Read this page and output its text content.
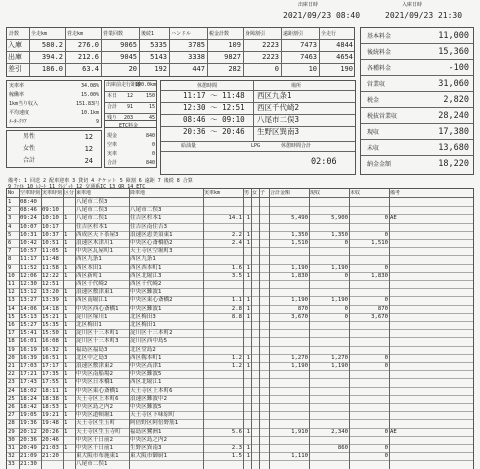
出庫日時	入庫日時
2021/09/23 08:40	2021/09/23 21:30
計数 全走km	営走km	営業回数	後続1	ハンドル	税金計数	身障割引	遠距割引	全走行
入庫	580.2	276.0	9065	5335	3785	109	2223	7473	4844
出庫	394.2	212.6	9045	5143	3338	9827	2223	7463	4654
差引	186.0	63.4	20	192	447	282	0	10	190
基本料金	11,000
後続料金	15,360
各種料金	-100
営業収	31,060
税金	2,820
税抜営業収	28,240
現収	17,380
未収	13,680
納金金額	18,220
実車率	34.08%
稼働率	15.00%
1km当り収入	151.83円
平均速度	10.1km
ﾒｰﾀｰｸﾘｱ	9
出庫前走行距離
190.0km
本日	12	150
合計	91	15
残り	203	45
休憩時間	場所
11:17 ～ 11:48 西区九条1
12:30 ～ 12:51 西区千代崎2
08:46 ～ 09:10 八尾市二俣3
20:36 ～ 20:46 生野区巽南3
給油量	LPG	休憩時間合計
02:06
男性	12
女性	12
合計	24
ETC料金
現金	840
空車	0
実車	0
合計	840
備考: 1 回送 2 配車迎車 3 貸切 4 チケット 5 障割 6 遠距 7 後続 8 合算
9 ﾌｧｲﾙ 10 ﾚｼｰﾄ 11 ｸﾚｼﾞｯﾄ 12 交通系IC 13 QR 14 ETC
No	空車時刻 実車時刻 区分 乗車地	降車地	実車km	男 女 子 合計金額	現収	未収	備考
1	08:40	八尾市二俣3
2	08:46 09:10	八尾市二俣3	八尾市二俣3
3	09:24 10:10 1	八尾市二俣1	住吉区杉本1	14.1 1	5,490	5,900	0 AE
4	10:07 10:17	住吉区杉本1	住吉区南住吉3
5	10:31 10:37 1	西成区天下茶屋3	浪速区恵美須東1	2.2 1	1,350	1,350	0
6	10:42 10:51 1	浪速区木津川1	中央区心斎橋筋2	2.4 1	1,510	0	1,510
7	10:57 11:05 1	中央区瓦屋町1	天王寺区空堀町3
8	11:17 11:48	西区九条1	西区九条1
9	11:52 11:58 1	西区本田1	西区西本町1	1.6 1	1,190	1,190	0
10 12:06 12:22 1	西区新町1	西区北堀江3	3.5 1	1,830	0	1,830
11 12:30 12:51	西区千代崎2	西区千代崎2
12 13:12 13:20 1	浪速区敷津東1	中央区難波1
13 13:27 13:39 1	西区南堀江1	中央区東心斎橋2	1.1 1	1,190	1,190	0
14 14:06 14:18 1	中央区西心斎橋1	中央区難波1	2.8 1	870	0	870
15 15:13 15:21 1	淀川区塚川1	北区梅田3	8.8 1	3,670	0	3,670
16 15:27 15:35 1	北区梅田1	北区梅田1
17 15:41 15:50 1	淀川区十三本町1	淀川区十三本町2
18 16:01 16:08 1	淀川区十三本町3	淀川区西中島5
19 16:19 16:32 1	福島区福島3	北区堂島2
20 16:39 16:51 1	北区中之島3	西区靱本町1	1.2 1	1,270	1,270	0
21 17:03 17:17 1	浪速区敷津東2	中央区高津1	1.2 1	1,190	1,190	0
22 17:21 17:35 1	中央区南船場2	中央区難波5
23 17:43 17:55 1	中央区日本橋1	西区北堀江1
24 18:02 18:11 1	中央区東心斎橋1	天王寺区上本町6
25 18:24 18:38 1	天王寺区上本町6	浪速区難波中2
26 18:42 18:53 1	中央区島之内2	中央区難波5
27 19:05 19:21 1	中央区道頓堀1	天王寺区下味原町
28 19:36 19:48 1	天王寺区生玉町	阿倍野区阿倍野筋1
29 20:12 20:26 1	天王寺区生玉寺町	福島区鷺洲1	5.6 1	1,910	2,340	0 AE
30 20:36 20:46	中央区千日前2	中央区島之内2
31 20:49 21:03 1	中央区千日前1	生野区巽南3	2.3 1	860	0
32 21:09 21:20	東大阪市布施東1	東大阪市御厨1	1.5 1	1,110	0
33 21:30	八尾市二俣1
